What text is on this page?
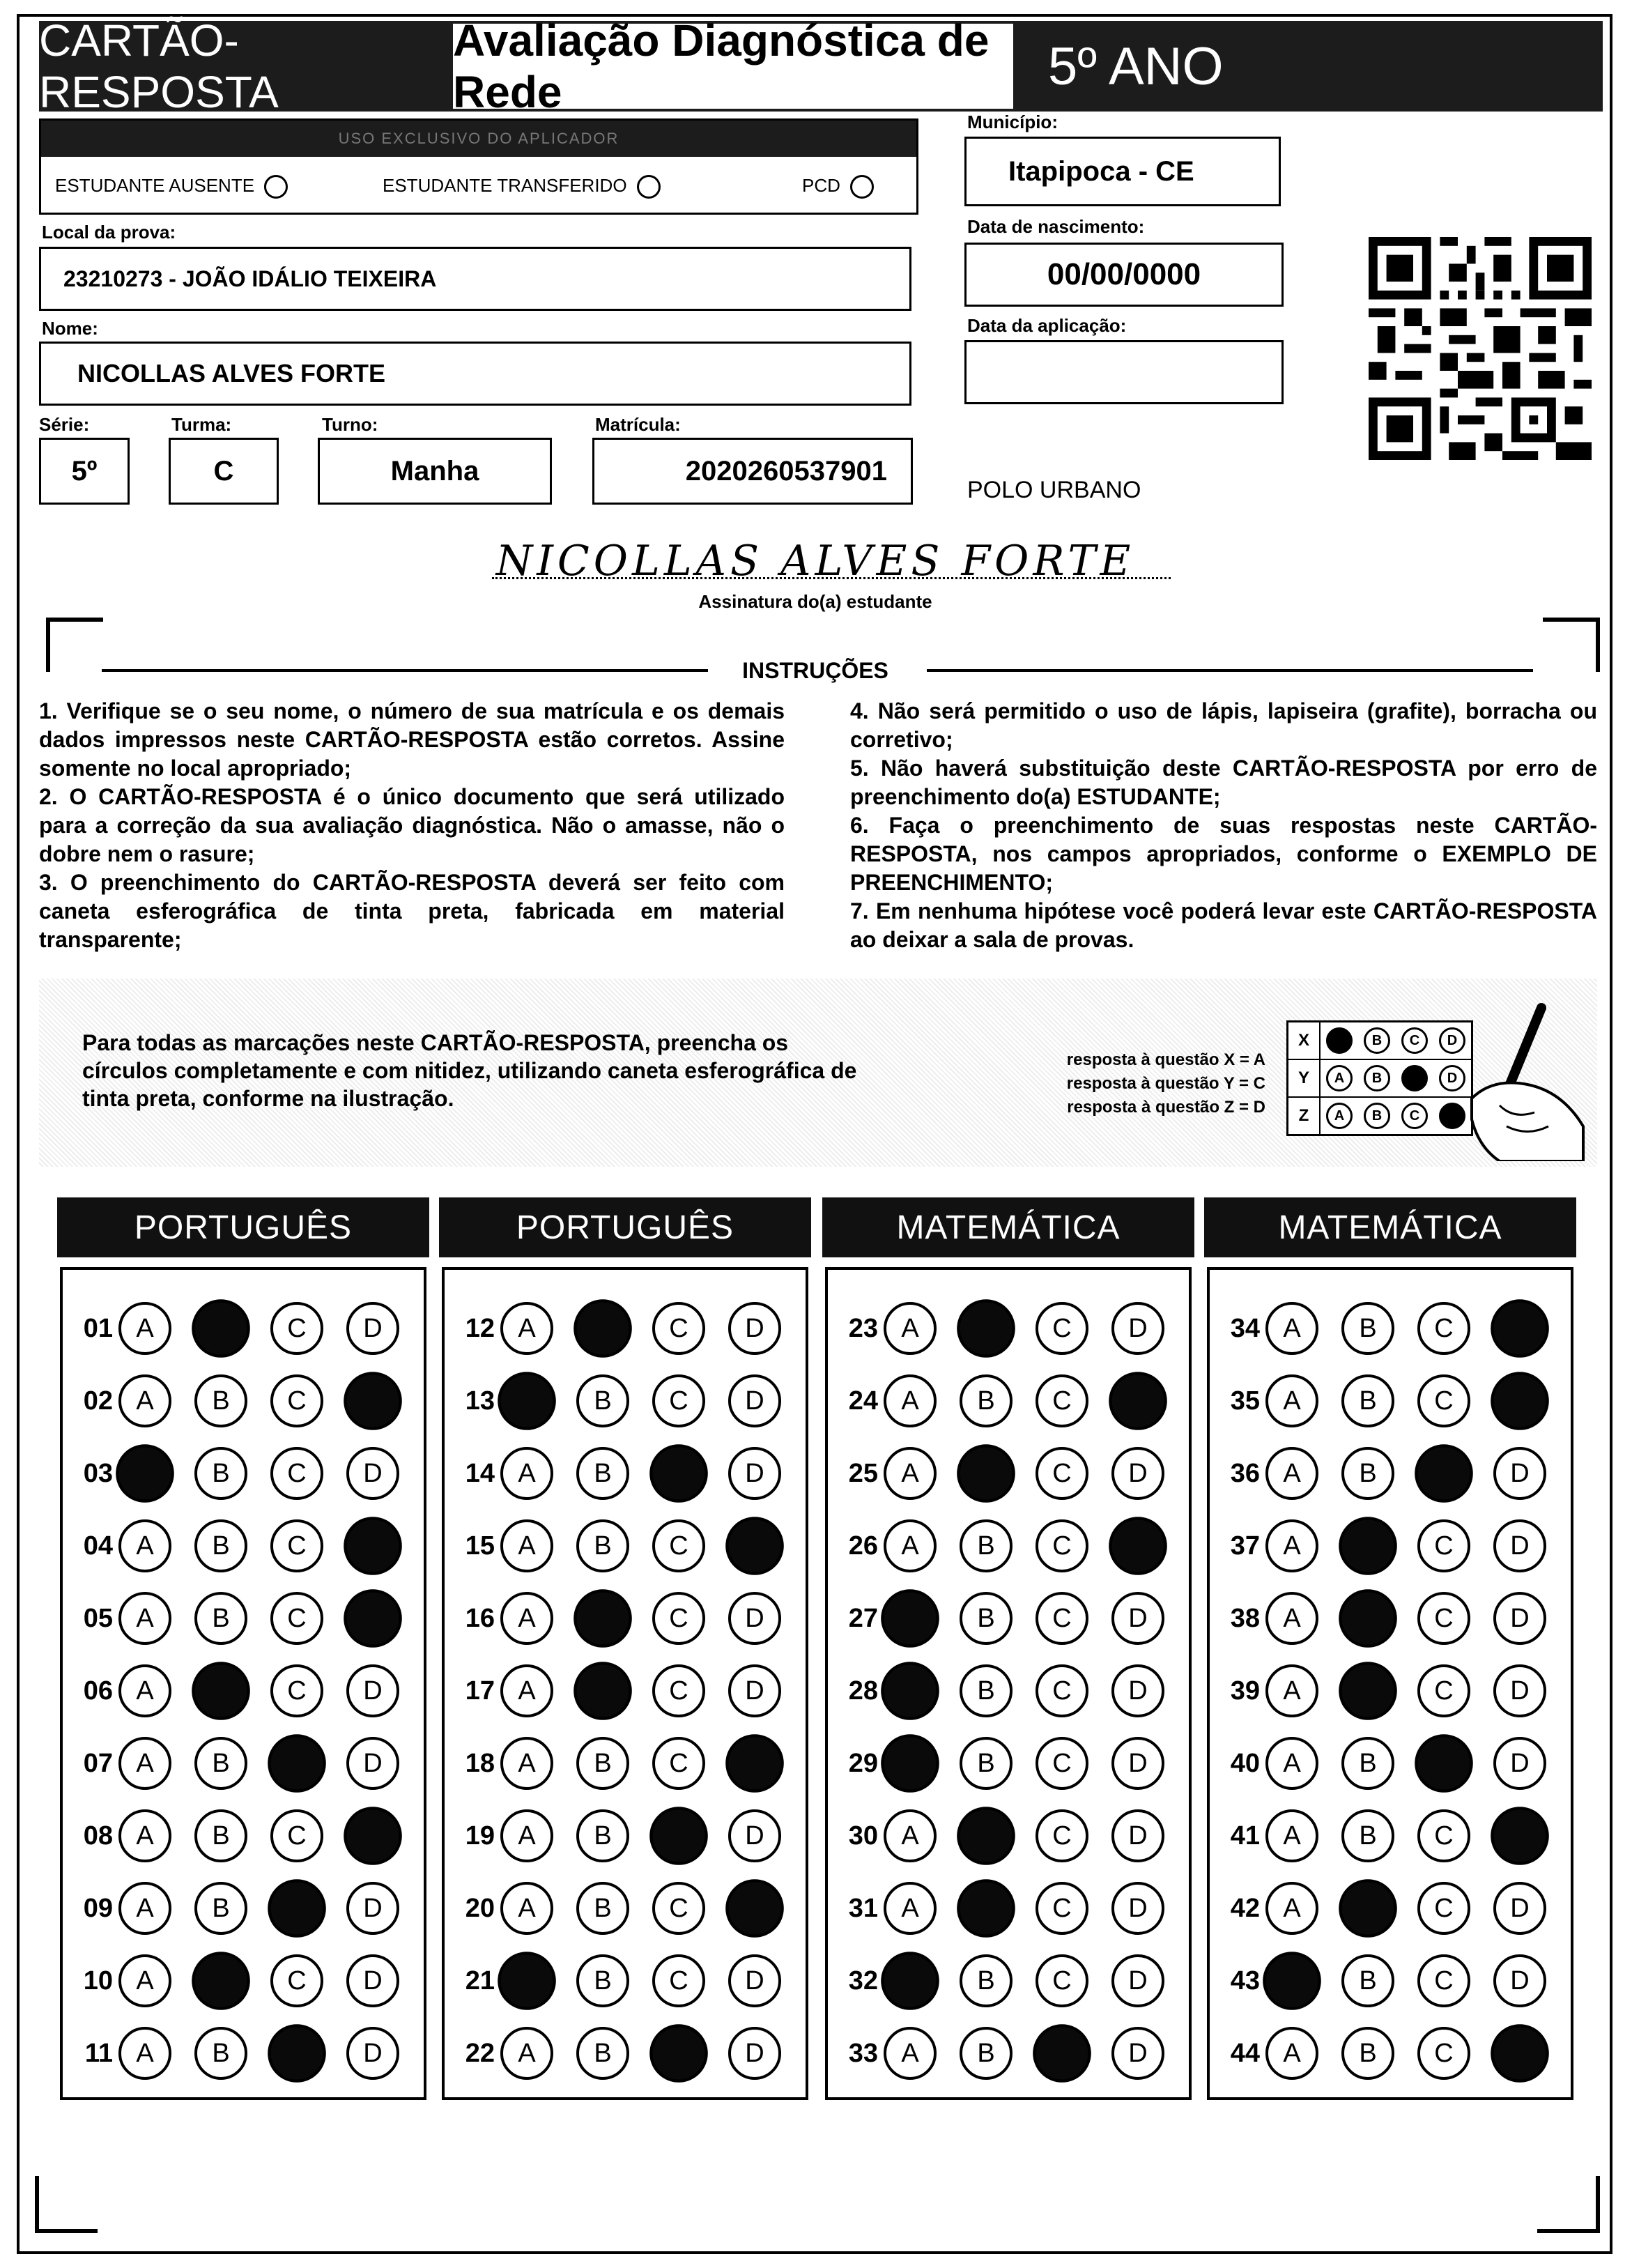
CARTÃO-RESPOSTA
Avaliação Diagnóstica de Rede	5º ANO
USO EXCLUSIVO DO APLICADOR
ESTUDANTE AUSENTE	ESTUDANTE TRANSFERIDO	PCD
Município:
Itapipoca - CE
Local da prova:
23210273 - JOÃO IDÁLIO TEIXEIRA
Data de nascimento:
00/00/0000
Data da aplicação:
Nome:
NICOLLAS ALVES FORTE
Série:
5º
Turma:
C
Turno:
Manha
Matrícula:
2020260537901
POLO URBANO
NICOLLAS ALVES FORTE
Assinatura do(a) estudante
INSTRUÇÕES

1. Verifique se o seu nome, o número de sua matrícula e os demais dados impressos neste CARTÃO-RESPOSTA estão corretos. Assine somente no local apropriado;

2. O CARTÃO-RESPOSTA é o único documento que será utilizado para a correção da sua avaliação diagnóstica. Não o amasse, não o dobre nem o rasure;

3. O preenchimento do CARTÃO-RESPOSTA deverá ser feito com caneta esferográfica de tinta preta, fabricada em material transparente;

4. Não será permitido o uso de lápis, lapiseira (grafite), borracha ou corretivo;

5. Não haverá substituição deste CARTÃO-RESPOSTA por erro de preenchimento do(a) ESTUDANTE;

6. Faça o preenchimento de suas respostas neste CARTÃO-RESPOSTA, nos campos apropriados, conforme o EXEMPLO DE PREENCHIMENTO;

7. Em nenhuma hipótese você poderá levar este CARTÃO-RESPOSTA ao deixar a sala de provas.

Para todas as marcações neste CARTÃO-RESPOSTA, preencha os círculos completamente e com nitidez, utilizando caneta esferográfica de tinta preta, conforme na ilustração.
resposta à questão X = A
resposta à questão Y = C
resposta à questão Z = D
X	A	B	C	D
Y	A	B	C	D
Z	A	B	C	D
PORTUGUÊS
01 A	B	C	D
02 A	B	C	D
03 A	B	C	D
04 A	B	C	D
05 A	B	C	D
06 A	B	C	D
07 A	B	C	D
08 A	B	C	D
09 A	B	C	D
10 A	B	C	D
11 A	B	C	D
PORTUGUÊS
12 A	B	C	D
13 A	B	C	D
14 A	B	C	D
15 A	B	C	D
16 A	B	C	D
17 A	B	C	D
18 A	B	C	D
19 A	B	C	D
20 A	B	C	D
21 A	B	C	D
22 A	B	C	D
MATEMÁTICA
23 A	B	C	D
24 A	B	C	D
25 A	B	C	D
26 A	B	C	D
27 A	B	C	D
28 A	B	C	D
29 A	B	C	D
30 A	B	C	D
31 A	B	C	D
32 A	B	C	D
33 A	B	C	D
MATEMÁTICA
34 A	B	C	D
35 A	B	C	D
36 A	B	C	D
37 A	B	C	D
38 A	B	C	D
39 A	B	C	D
40 A	B	C	D
41 A	B	C	D
42 A	B	C	D
43 A	B	C	D
44 A	B	C	D
